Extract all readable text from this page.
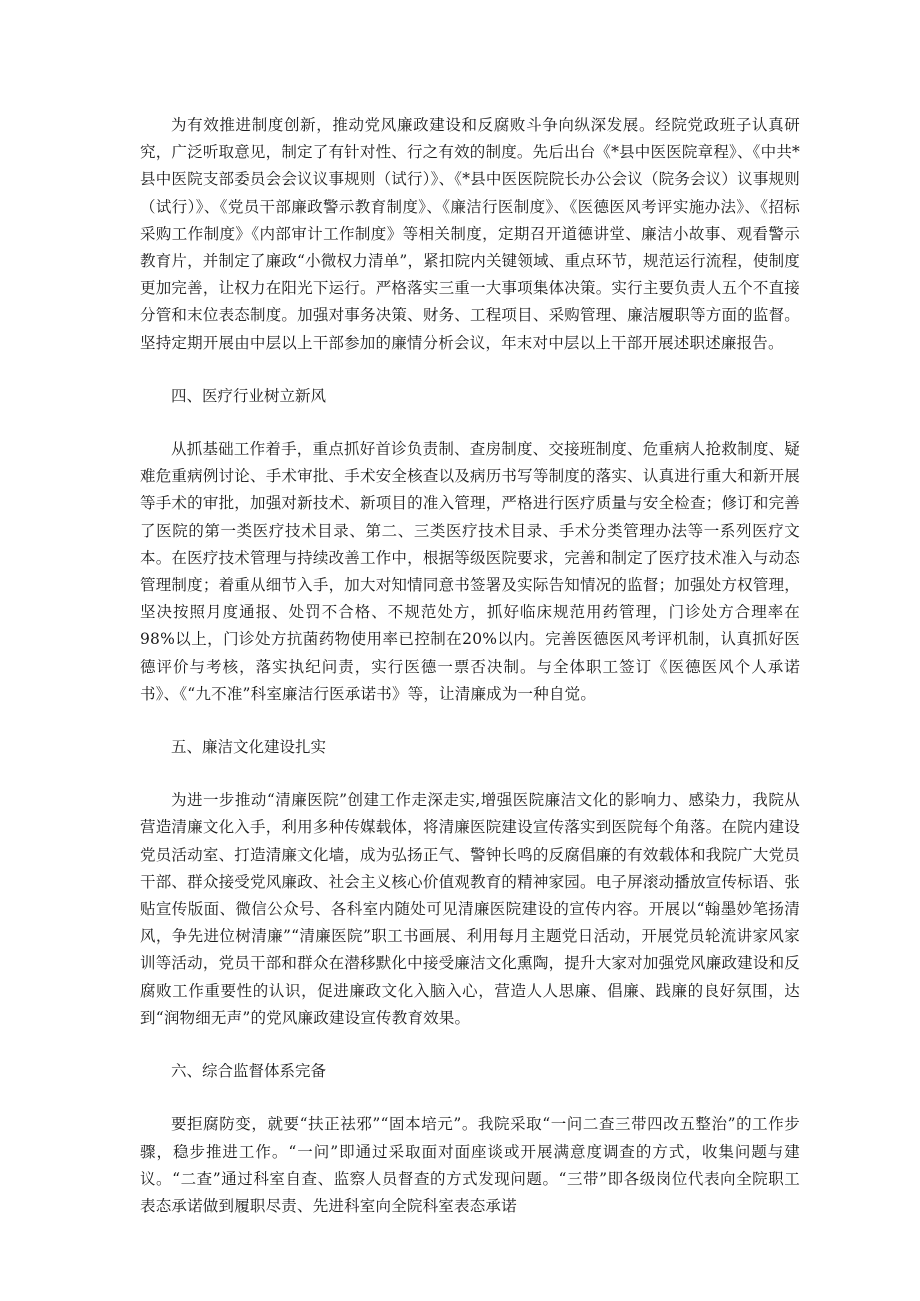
为有效推进制度创新，推动党风廉政建设和反腐败斗争向纵深发展。经院党政班子认真研究，广泛听取意见，制定了有针对性、行之有效的制度。先后出台《*县中医医院章程》、《中共*县中医院支部委员会会议议事规则（试行）》、《*县中医医院院长办公会议（院务会议）议事规则（试行）》、《党员干部廉政警示教育制度》、《廉洁行医制度》、《医德医风考评实施办法》、《招标采购工作制度》《内部审计工作制度》等相关制度，定期召开道德讲堂、廉洁小故事、观看警示教育片，并制定了廉政“小微权力清单”，紧扣院内关键领域、重点环节，规范运行流程，使制度更加完善，让权力在阳光下运行。严格落实三重一大事项集体决策。实行主要负责人五个不直接分管和末位表态制度。加强对事务决策、财务、工程项目、采购管理、廉洁履职等方面的监督。坚持定期开展由中层以上干部参加的廉情分析会议，年末对中层以上干部开展述职述廉报告。

四、医疗行业树立新风

从抓基础工作着手，重点抓好首诊负责制、查房制度、交接班制度、危重病人抢救制度、疑难危重病例讨论、手术审批、手术安全核查以及病历书写等制度的落实、认真进行重大和新开展等手术的审批，加强对新技术、新项目的准入管理，严格进行医疗质量与安全检查；修订和完善了医院的第一类医疗技术目录、第二、三类医疗技术目录、手术分类管理办法等一系列医疗文本。在医疗技术管理与持续改善工作中，根据等级医院要求，完善和制定了医疗技术准入与动态管理制度；着重从细节入手，加大对知情同意书签署及实际告知情况的监督；加强处方权管理，坚决按照月度通报、处罚不合格、不规范处方，抓好临床规范用药管理，门诊处方合理率在98%以上，门诊处方抗菌药物使用率已控制在20%以内。完善医德医风考评机制，认真抓好医德评价与考核，落实执纪问责，实行医德一票否决制。与全体职工签订《医德医风个人承诺书》、《“九不准”科室廉洁行医承诺书》等，让清廉成为一种自觉。

五、廉洁文化建设扎实

为进一步推动“清廉医院”创建工作走深走实,增强医院廉洁文化的影响力、感染力，我院从营造清廉文化入手，利用多种传媒载体，将清廉医院建设宣传落实到医院每个角落。在院内建设党员活动室、打造清廉文化墙，成为弘扬正气、警钟长鸣的反腐倡廉的有效载体和我院广大党员干部、群众接受党风廉政、社会主义核心价值观教育的精神家园。电子屏滚动播放宣传标语、张贴宣传版面、微信公众号、各科室内随处可见清廉医院建设的宣传内容。开展以“翰墨妙笔扬清风，争先进位树清廉”“清廉医院”职工书画展、利用每月主题党日活动，开展党员轮流讲家风家训等活动，党员干部和群众在潜移默化中接受廉洁文化熏陶，提升大家对加强党风廉政建设和反腐败工作重要性的认识，促进廉政文化入脑入心，营造人人思廉、倡廉、践廉的良好氛围，达到“润物细无声”的党风廉政建设宣传教育效果。

六、综合监督体系完备

要拒腐防变，就要“扶正祛邪”“固本培元”。我院采取“一问二查三带四改五整治”的工作步骤，稳步推进工作。“一问”即通过采取面对面座谈或开展满意度调查的方式，收集问题与建议。“二查”通过科室自查、监察人员督查的方式发现问题。“三带”即各级岗位代表向全院职工表态承诺做到履职尽责、先进科室向全院科室表态承诺
